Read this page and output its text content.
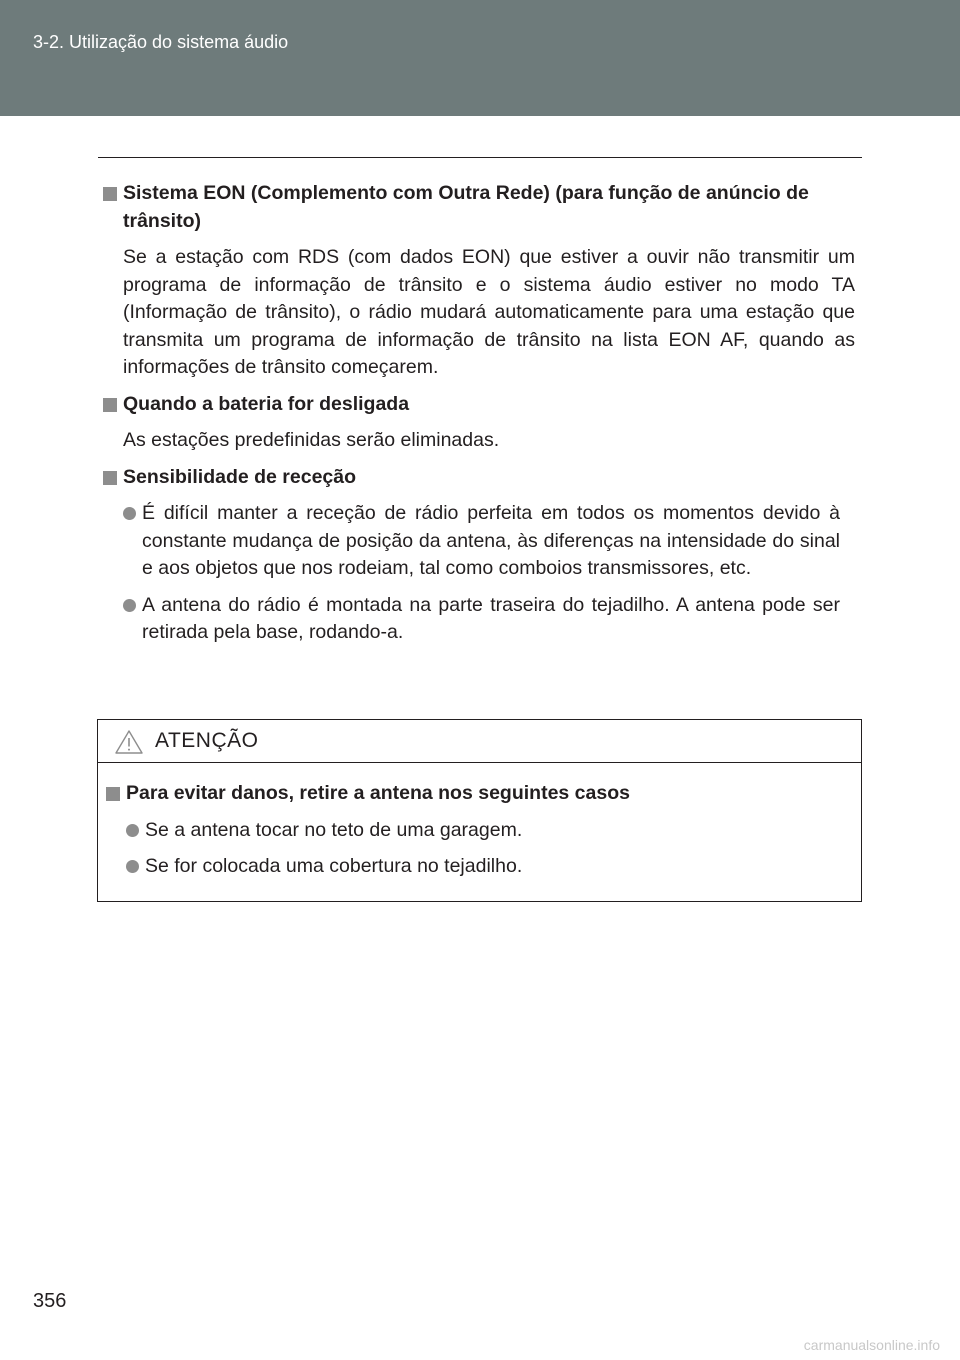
3-2. Utilização do sistema áudio
Sistema EON (Complemento com Outra Rede) (para função de anúncio de trânsito)
Se a estação com RDS (com dados EON) que estiver a ouvir não transmitir um programa de informação de trânsito e o sistema áudio estiver no modo TA (Informação de trânsito), o rádio mudará automaticamente para uma estação que transmita um programa de informação de trânsito na lista EON AF, quando as informações de trânsito começarem.
Quando a bateria for desligada
As estações predefinidas serão eliminadas.
Sensibilidade de receção
É difícil manter a receção de rádio perfeita em todos os momentos devido à constante mudança de posição da antena, às diferenças na intensidade do sinal e aos objetos que nos rodeiam, tal como comboios transmissores, etc.
A antena do rádio é montada na parte traseira do tejadilho. A antena pode ser retirada pela base, rodando-a.
ATENÇÃO
Para evitar danos, retire a antena nos seguintes casos
Se a antena tocar no teto de uma garagem.
Se for colocada uma cobertura no tejadilho.
356
carmanualsonline.info
